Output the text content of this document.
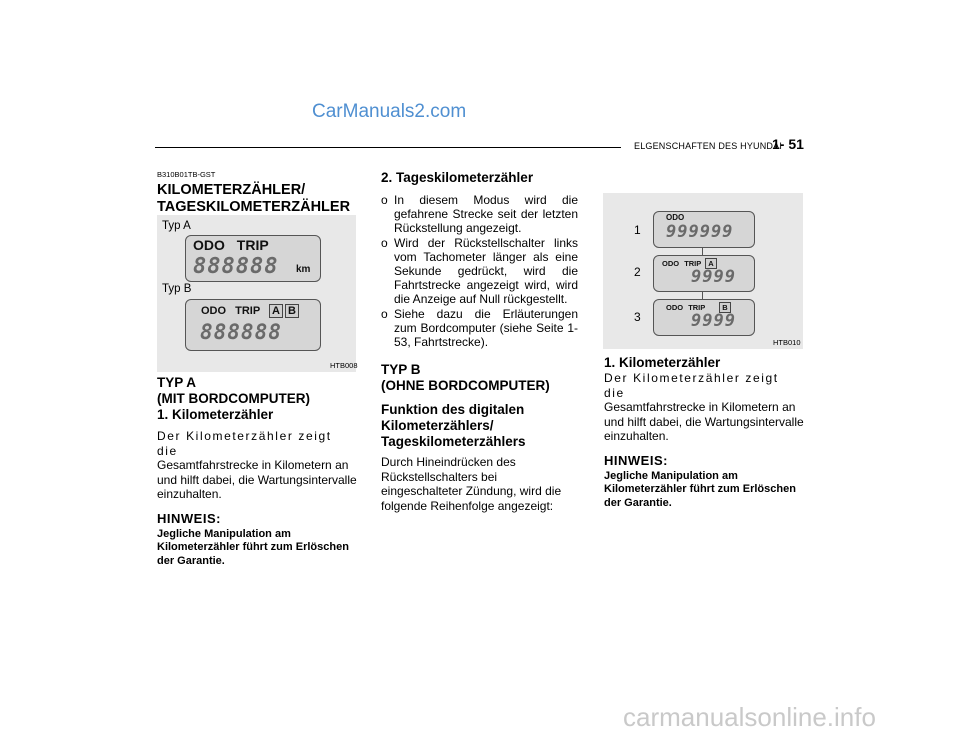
CarManuals2.com
ELGENSCHAFTEN DES HYUNDAI
1- 51
B310B01TB-GST
KILOMETERZÄHLER/
TAGESKILOMETERZÄHLER
Typ A
ODO TRIP
888888 km
Typ B
ODO TRIP A B
888888
HTB008
TYP A
(MIT BORDCOMPUTER)
1. Kilometerzähler
Der Kilometerzähler zeigt die
Gesamtfahrstrecke in Kilometern an und hilft dabei, die Wartungsintervalle einzuhalten.
HINWEIS:
Jegliche Manipulation am Kilometerzähler führt zum Erlöschen der Garantie.
2. Tageskilometerzähler
o In diesem Modus wird die gefahrene Strecke seit der letzten Rückstellung angezeigt.
o Wird der Rückstellschalter links vom Tachometer länger als eine Sekunde gedrückt, wird die Fahrtstrecke angezeigt wird, wird die Anzeige auf Null rückgestellt.
o Siehe dazu die Erläuterungen zum Bordcomputer (siehe Seite 1-53, Fahrtstrecke).
TYP B
(OHNE BORDCOMPUTER)
Funktion des digitalen
Kilometerzählers/
Tageskilometerzählers
Durch Hineindrücken des Rückstellschalters bei eingeschalteter Zündung, wird die folgende Reihenfolge angezeigt:
1
2
3
ODO
999999
ODO TRIP A
9999
ODO TRIP B
9999
HTB010
1. Kilometerzähler
Der Kilometerzähler zeigt die
Gesamtfahrstrecke in Kilometern an und hilft dabei, die Wartungsintervalle einzuhalten.
HINWEIS:
Jegliche Manipulation am Kilometerzähler führt zum Erlöschen der Garantie.
carmanualsonline.info
